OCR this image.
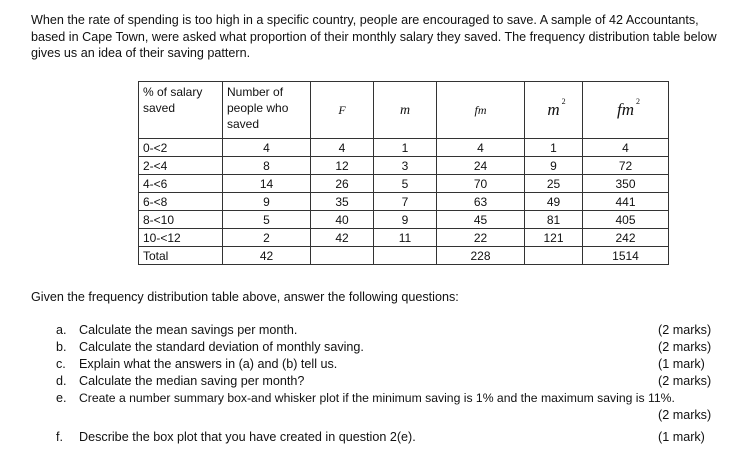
When the rate of spending is too high in a specific country, people are encouraged to save. A sample of 42 Accountants, based in Cape Town, were asked what proportion of their monthly salary they saved. The frequency distribution table below gives us an idea of their saving pattern.
% of salary saved	Number of people who saved	F	m	fm	m 2	fm 2

0-<2	4	4	1	4	1	4
2-<4	8	12	3	24	9	72
4-<6	14	26	5	70	25	350
6-<8	9	35	7	63	49	441
8-<10	5	40	9	45	81	405
10-<12	2	42	11	22	121	242
Total	42			228		1514
Given the frequency distribution table above, answer the following questions:
a. Calculate the mean savings per month.	(2 marks)
b. Calculate the standard deviation of monthly saving.	(2 marks)
c. Explain what the answers in (a) and (b) tell us.	(1 mark)
d. Calculate the median saving per month?	(2 marks)
e. Create a number summary box-and whisker plot if the minimum saving is 1% and the maximum saving is 11%.
(2 marks)
f. Describe the box plot that you have created in question 2(e).	(1 mark)
